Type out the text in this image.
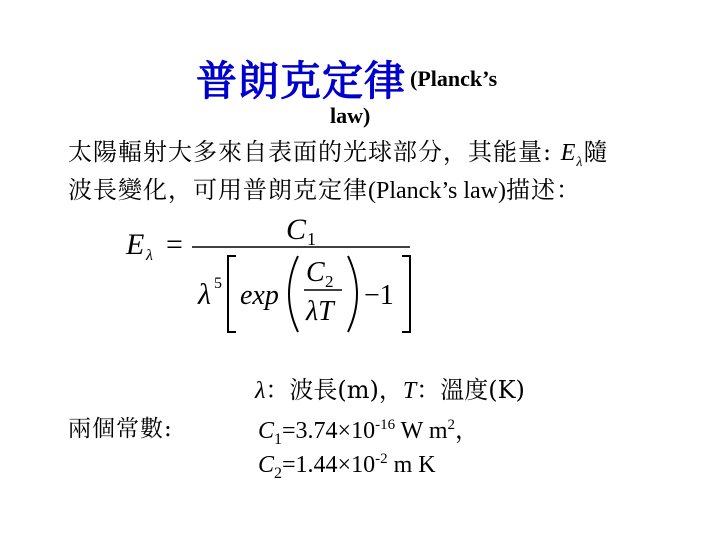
普朗克定律 (Planck’s
law)
太陽輻射大多來自表面的光球部分，其能量: $E_\lambda$隨
波長變化，可用普朗克定律(Planck’s law)描述：
E λ =	C 1
λ 5 exp
C 2
λT
−1
λ：波長(m)，T：溫度(K)
兩個常數:	$C_1=3.74\times 10^{-16}$ W $m^2$，
$C_2=1.44\times 10^{-2}$ m K
